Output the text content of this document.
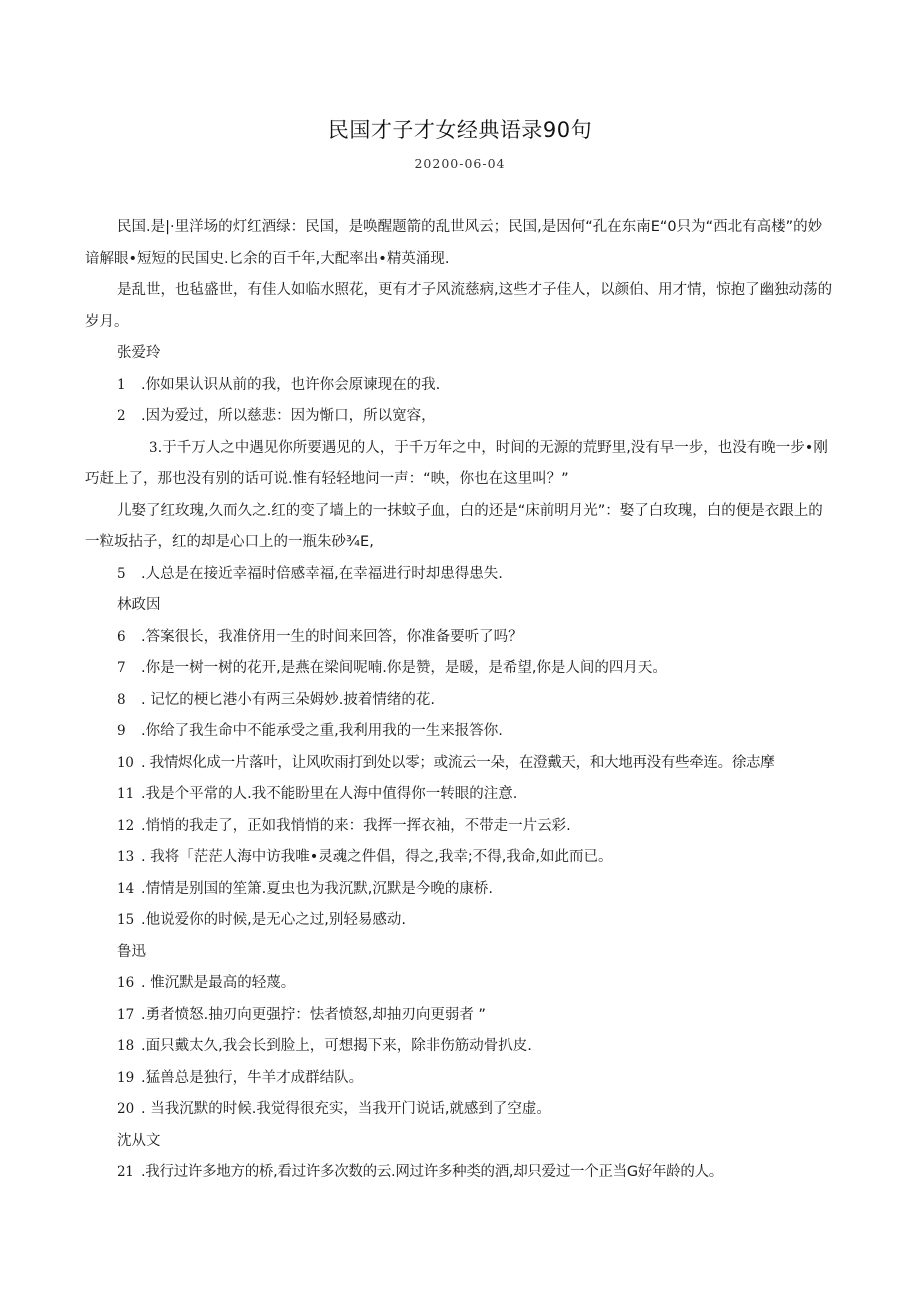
民国才子才女经典语录90句
20200-06-04
民国.是|·里洋场的灯红酒绿：民国，是唤醒题箭的乱世风云；民国,是因何“孔在东南E“0只为“西北有高楼”的妙谙解眼•短短的民国史.匕余的百千年,大配率出•精英涌现.
是乱世，也毡盛世，有佳人如临水照花，更有才子风流慈病,这些才子佳人，以颜伯、用才情，惊抱了幽独动荡的岁月。
张爱玲
1 .你如果认识从前的我，也许你会原谏现在的我.
2 .因为爱过，所以慈悲：因为惭口，所以宽容，
3.于千万人之中遇见你所要遇见的人，于千万年之中，时间的无源的荒野里,没有早一步，也没有晚一步•刚巧赶上了，那也没有别的话可说.惟有轻轻地问一声：“映，你也在这里叫？”
儿娶了红玫瑰,久而久之.红的变了墙上的一抹蚊子血，白的还是“床前明月光”：娶了白玫瑰，白的便是衣跟上的一粒坂拈子，红的却是心口上的一瓶朱砂¾E,
5 .人总是在接近幸福时倍感幸福,在幸福进行时却患得患失.
林政因
6 .答案很长，我准侪用一生的时间来回答，你准备要听了吗？
7 .你是一树一树的花开,是燕在梁间呢喃.你是赞，是暖，是希望,你是人间的四月天。
8 . 记忆的梗匕港小有两三朵姆妙.披着情绪的花.
9 .你给了我生命中不能承受之重,我利用我的一生来报答你.
10 . 我情烬化成一片落叶，让风吹雨打到处以零；或流云一朵，在澄戴天，和大地再没有些牵连。徐志摩
11 .我是个平常的人.我不能盼里在人海中值得你一转眼的注意.
12 .悄悄的我走了，正如我悄悄的来：我挥一挥衣袖，不带走一片云彩.
13 . 我将「茫茫人海中访我唯•灵魂之件倡，得之,我幸;不得,我命,如此而已。
14 .情情是别国的笙箫.夏虫也为我沉默,沉默是今晚的康桥.
15 .他说爱你的时候,是无心之过,别轻易感动.
鲁迅
16 . 惟沉默是最高的轻蔑。
17 .勇者愤怒.抽刃向更强拧：怯者愤怒,却抽刃向更弱者 ”
18 .面只戴太久,我会长到脸上，可想揭下来，除非伤筋动骨扒皮.
19 .猛兽总是独行，牛羊才成群结队。
20 . 当我沉默的时候.我觉得很充实，当我开门说话,就感到了空虚。
沈从文
21 .我行过许多地方的桥,看过许多次数的云.网过许多种类的酒,却只爱过一个正当G好年龄的人。
